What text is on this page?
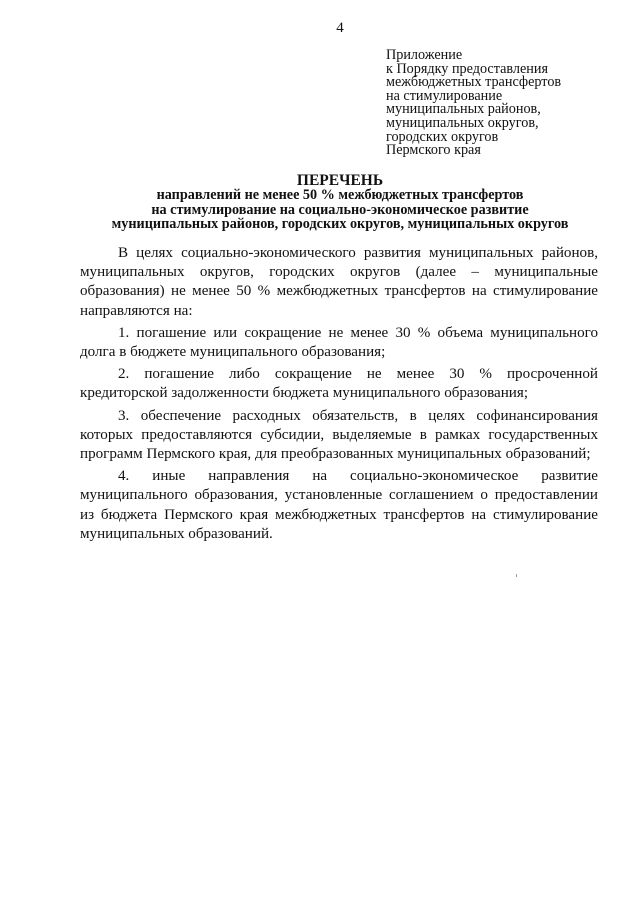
4
Приложение
к Порядку предоставления
межбюджетных трансфертов
на стимулирование
муниципальных районов,
муниципальных округов,
городских округов
Пермского края
ПЕРЕЧЕНЬ
направлений не менее 50 % межбюджетных трансфертов
на стимулирование на социально-экономическое развитие
муниципальных районов, городских округов, муниципальных округов

В целях социально-экономического развития муниципальных районов, муниципальных округов, городских округов (далее – муниципальные образования) не менее 50 % межбюджетных трансфертов на стимулирование направляются на:

1. погашение или сокращение не менее 30 % объема муниципального долга в бюджете муниципального образования;

2. погашение либо сокращение не менее 30 % просроченной кредиторской задолженности бюджета муниципального образования;

3. обеспечение расходных обязательств, в целях софинансирования которых предоставляются субсидии, выделяемые в рамках государственных программ Пермского края, для преобразованных муниципальных образований;

4. иные направления на социально-экономическое развитие муниципального образования, установленные соглашением о предоставлении из бюджета Пермского края межбюджетных трансфертов на стимулирование муниципальных образований.
